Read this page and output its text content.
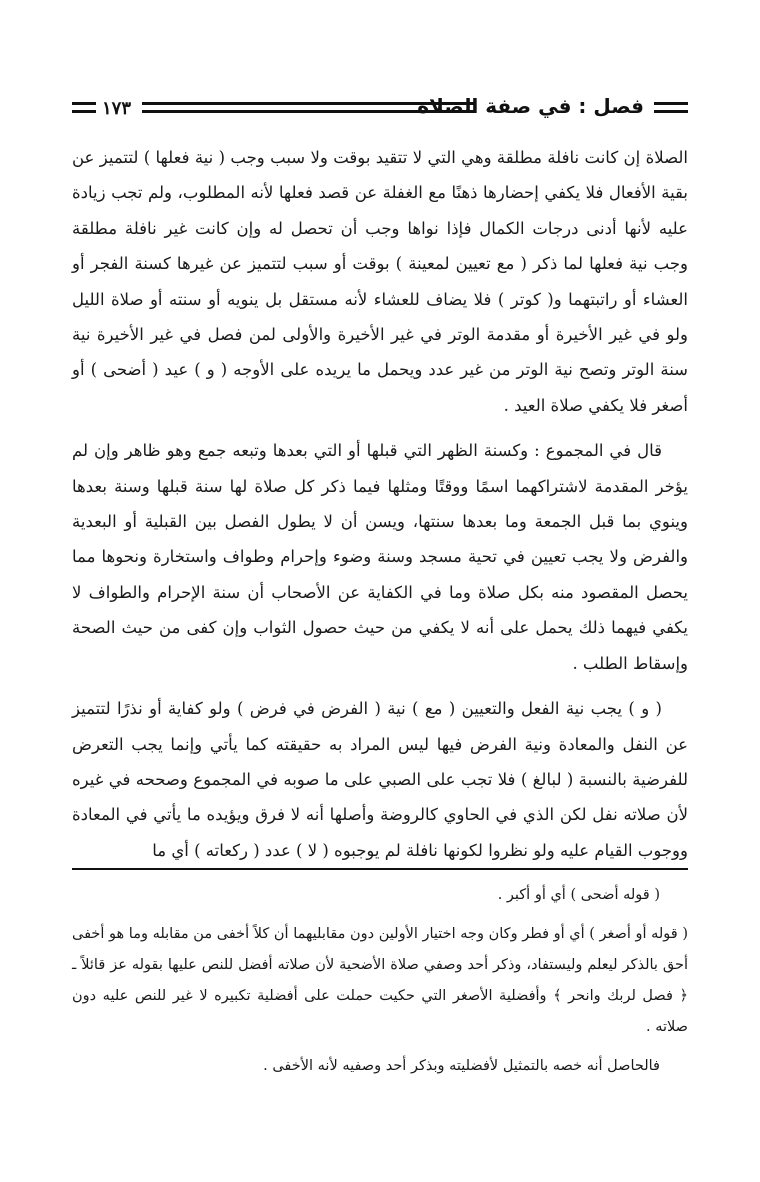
١٧٣	فصل : في صفة الصلاة

الصلاة إن كانت نافلة مطلقة وهي التي لا تتقيد بوقت ولا سبب وجب ( نية فعلها ) لتتميز عن بقية الأفعال فلا يكفي إحضارها ذهنًا مع الغفلة عن قصد فعلها لأنه المطلوب، ولم تجب زيادة عليه لأنها أدنى درجات الكمال فإذا نواها وجب أن تحصل له وإن كانت غير نافلة مطلقة وجب نية فعلها لما ذكر ( مع تعيين لمعينة ) بوقت أو سبب لتتميز عن غيرها كسنة الفجر أو العشاء أو راتبتهما و( كوتر ) فلا يضاف للعشاء لأنه مستقل بل ينويه أو سنته أو صلاة الليل ولو في غير الأخيرة أو مقدمة الوتر في غير الأخيرة والأولى لمن فصل في غير الأخيرة نية سنة الوتر وتصح نية الوتر من غير عدد ويحمل ما يريده على الأوجه ( و ) عيد ( أضحى ) أو أصغر فلا يكفي صلاة العيد .

قال في المجموع : وكسنة الظهر التي قبلها أو التي بعدها وتبعه جمع وهو ظاهر وإن لم يؤخر المقدمة لاشتراكهما اسمًا ووقتًا ومثلها فيما ذكر كل صلاة لها سنة قبلها وسنة بعدها وينوي بما قبل الجمعة وما بعدها سنتها، ويسن أن لا يطول الفصل بين القبلية أو البعدية والفرض ولا يجب تعيين في تحية مسجد وسنة وضوء وإحرام وطواف واستخارة ونحوها مما يحصل المقصود منه بكل صلاة وما في الكفاية عن الأصحاب أن سنة الإحرام والطواف لا يكفي فيهما ذلك يحمل على أنه لا يكفي من حيث حصول الثواب وإن كفى من حيث الصحة وإسقاط الطلب .

( و ) يجب نية الفعل والتعيين ( مع ) نية ( الفرض في فرض ) ولو كفاية أو نذرًا لتتميز عن النفل والمعادة ونية الفرض فيها ليس المراد به حقيقته كما يأتي وإنما يجب التعرض للفرضية بالنسبة ( لبالغ ) فلا تجب على الصبي على ما صوبه في المجموع وصححه في غيره لأن صلاته نفل لكن الذي في الحاوي كالروضة وأصلها أنه لا فرق ويؤيده ما يأتي في المعادة ووجوب القيام عليه ولو نظروا لكونها نافلة لم يوجبوه ( لا ) عدد ( ركعاته ) أي ما

( قوله أضحى ) أي أو أكبر .

( قوله أو أصغر ) أي أو فطر وكان وجه اختيار الأولين دون مقابليهما أن كلاً أخفى من مقابله وما هو أخفى أحق بالذكر ليعلم وليستفاد، وذكر أحد وصفي صلاة الأضحية لأن صلاته أفضل للنص عليها بقوله عز قائلاً ـ ﴿ فصل لربك وانحر ﴾ وأفضلية الأصغر التي حكيت حملت على أفضلية تكبيره لا غير للنص عليه دون صلاته .

فالحاصل أنه خصه بالتمثيل لأفضليته وبذكر أحد وصفيه لأنه الأخفى .
